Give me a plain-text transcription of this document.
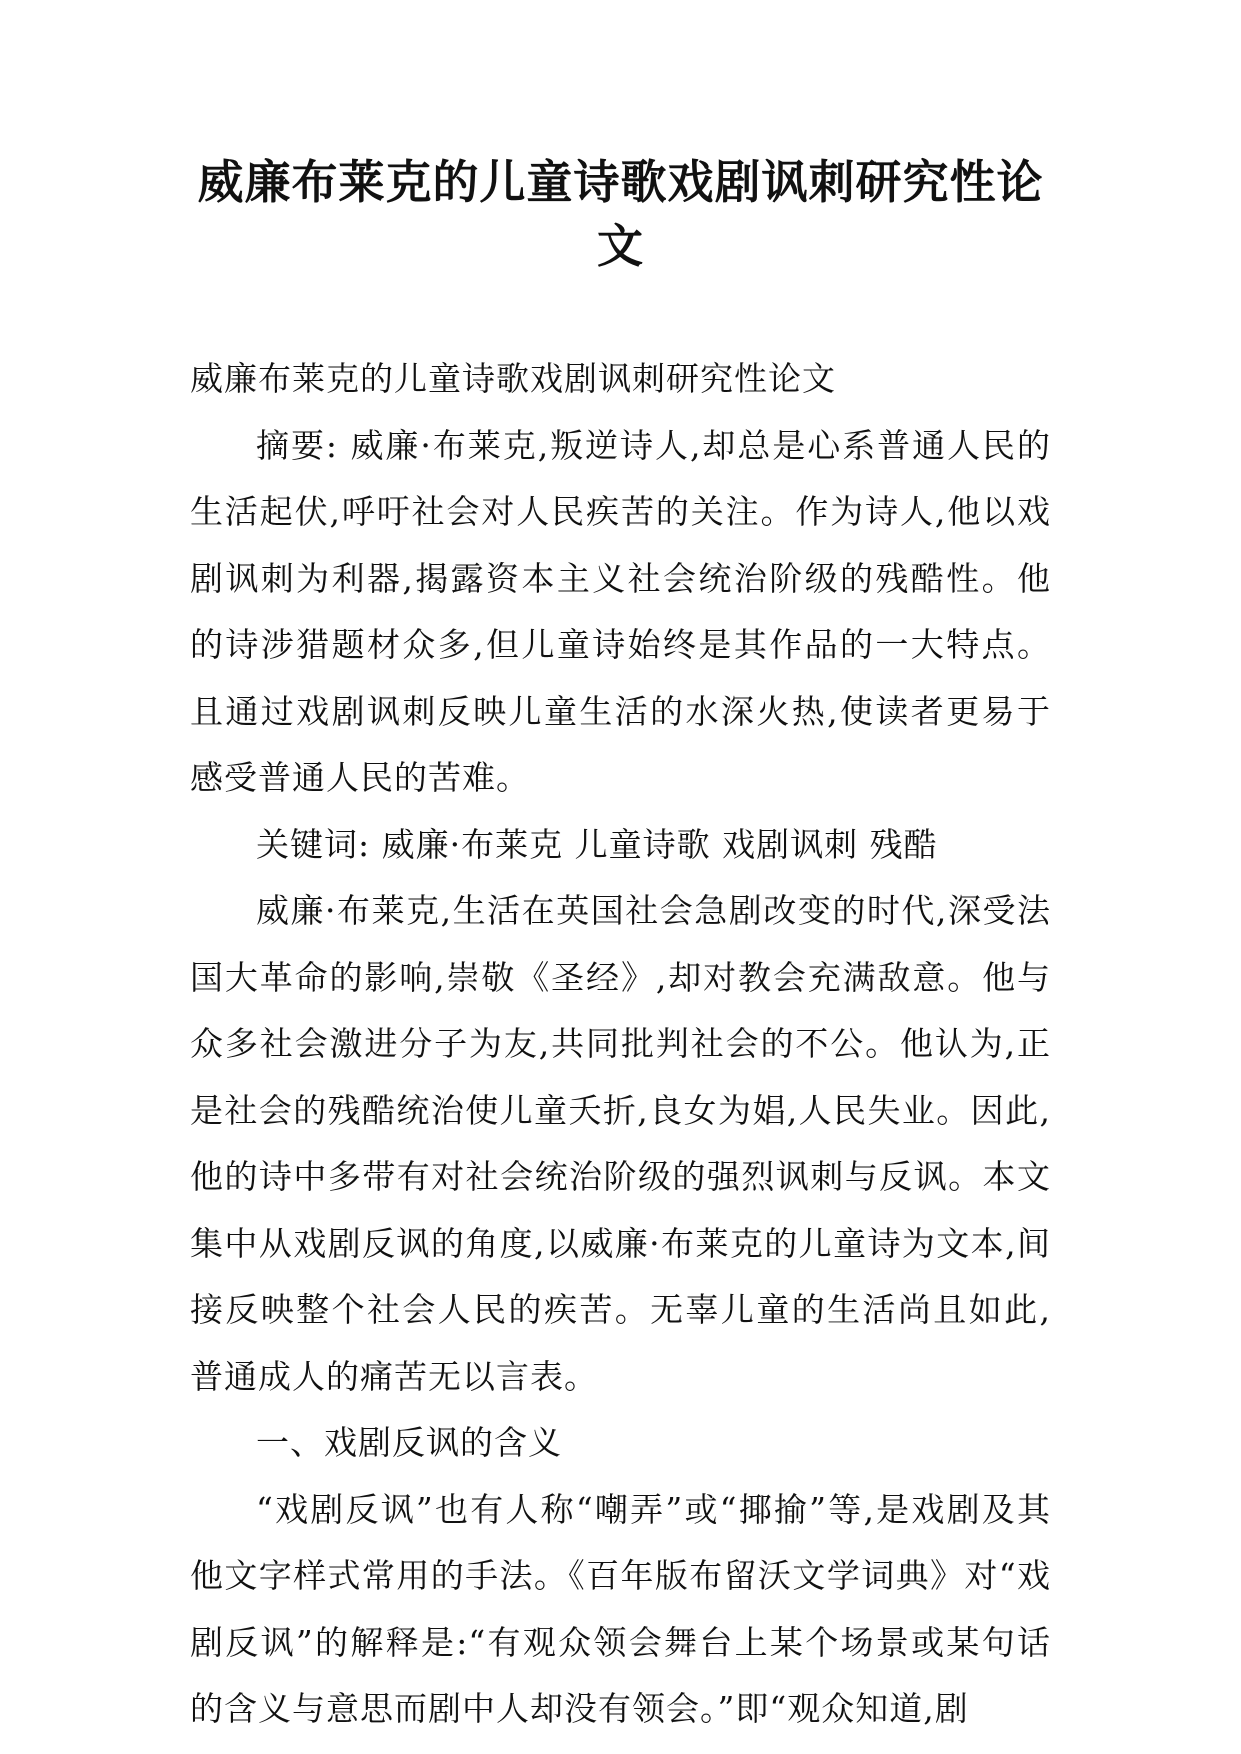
威廉布莱克的儿童诗歌戏剧讽刺研究性论文

威廉布莱克的儿童诗歌戏剧讽刺研究性论文

摘要: 威廉·布莱克,叛逆诗人,却总是心系普通人民的生活起伏,呼吁社会对人民疾苦的关注。作为诗人,他以戏剧讽刺为利器,揭露资本主义社会统治阶级的残酷性。他的诗涉猎题材众多,但儿童诗始终是其作品的一大特点。且通过戏剧讽刺反映儿童生活的水深火热,使读者更易于感受普通人民的苦难。

关键词: 威廉·布莱克 儿童诗歌 戏剧讽刺 残酷

威廉·布莱克,生活在英国社会急剧改变的时代,深受法国大革命的影响,崇敬《圣经》,却对教会充满敌意。他与众多社会激进分子为友,共同批判社会的不公。他认为,正是社会的残酷统治使儿童夭折,良女为娼,人民失业。因此,他的诗中多带有对社会统治阶级的强烈讽刺与反讽。本文集中从戏剧反讽的角度,以威廉·布莱克的儿童诗为文本,间接反映整个社会人民的疾苦。无辜儿童的生活尚且如此,普通成人的痛苦无以言表。

一、戏剧反讽的含义

“戏剧反讽”也有人称“嘲弄”或“揶揄”等,是戏剧及其他文字样式常用的手法。《百年版布留沃文学词典》对“戏剧反讽”的解释是:“有观众领会舞台上某个场景或某句话的含义与意思而剧中人却没有领会。”即“观众知道,剧
